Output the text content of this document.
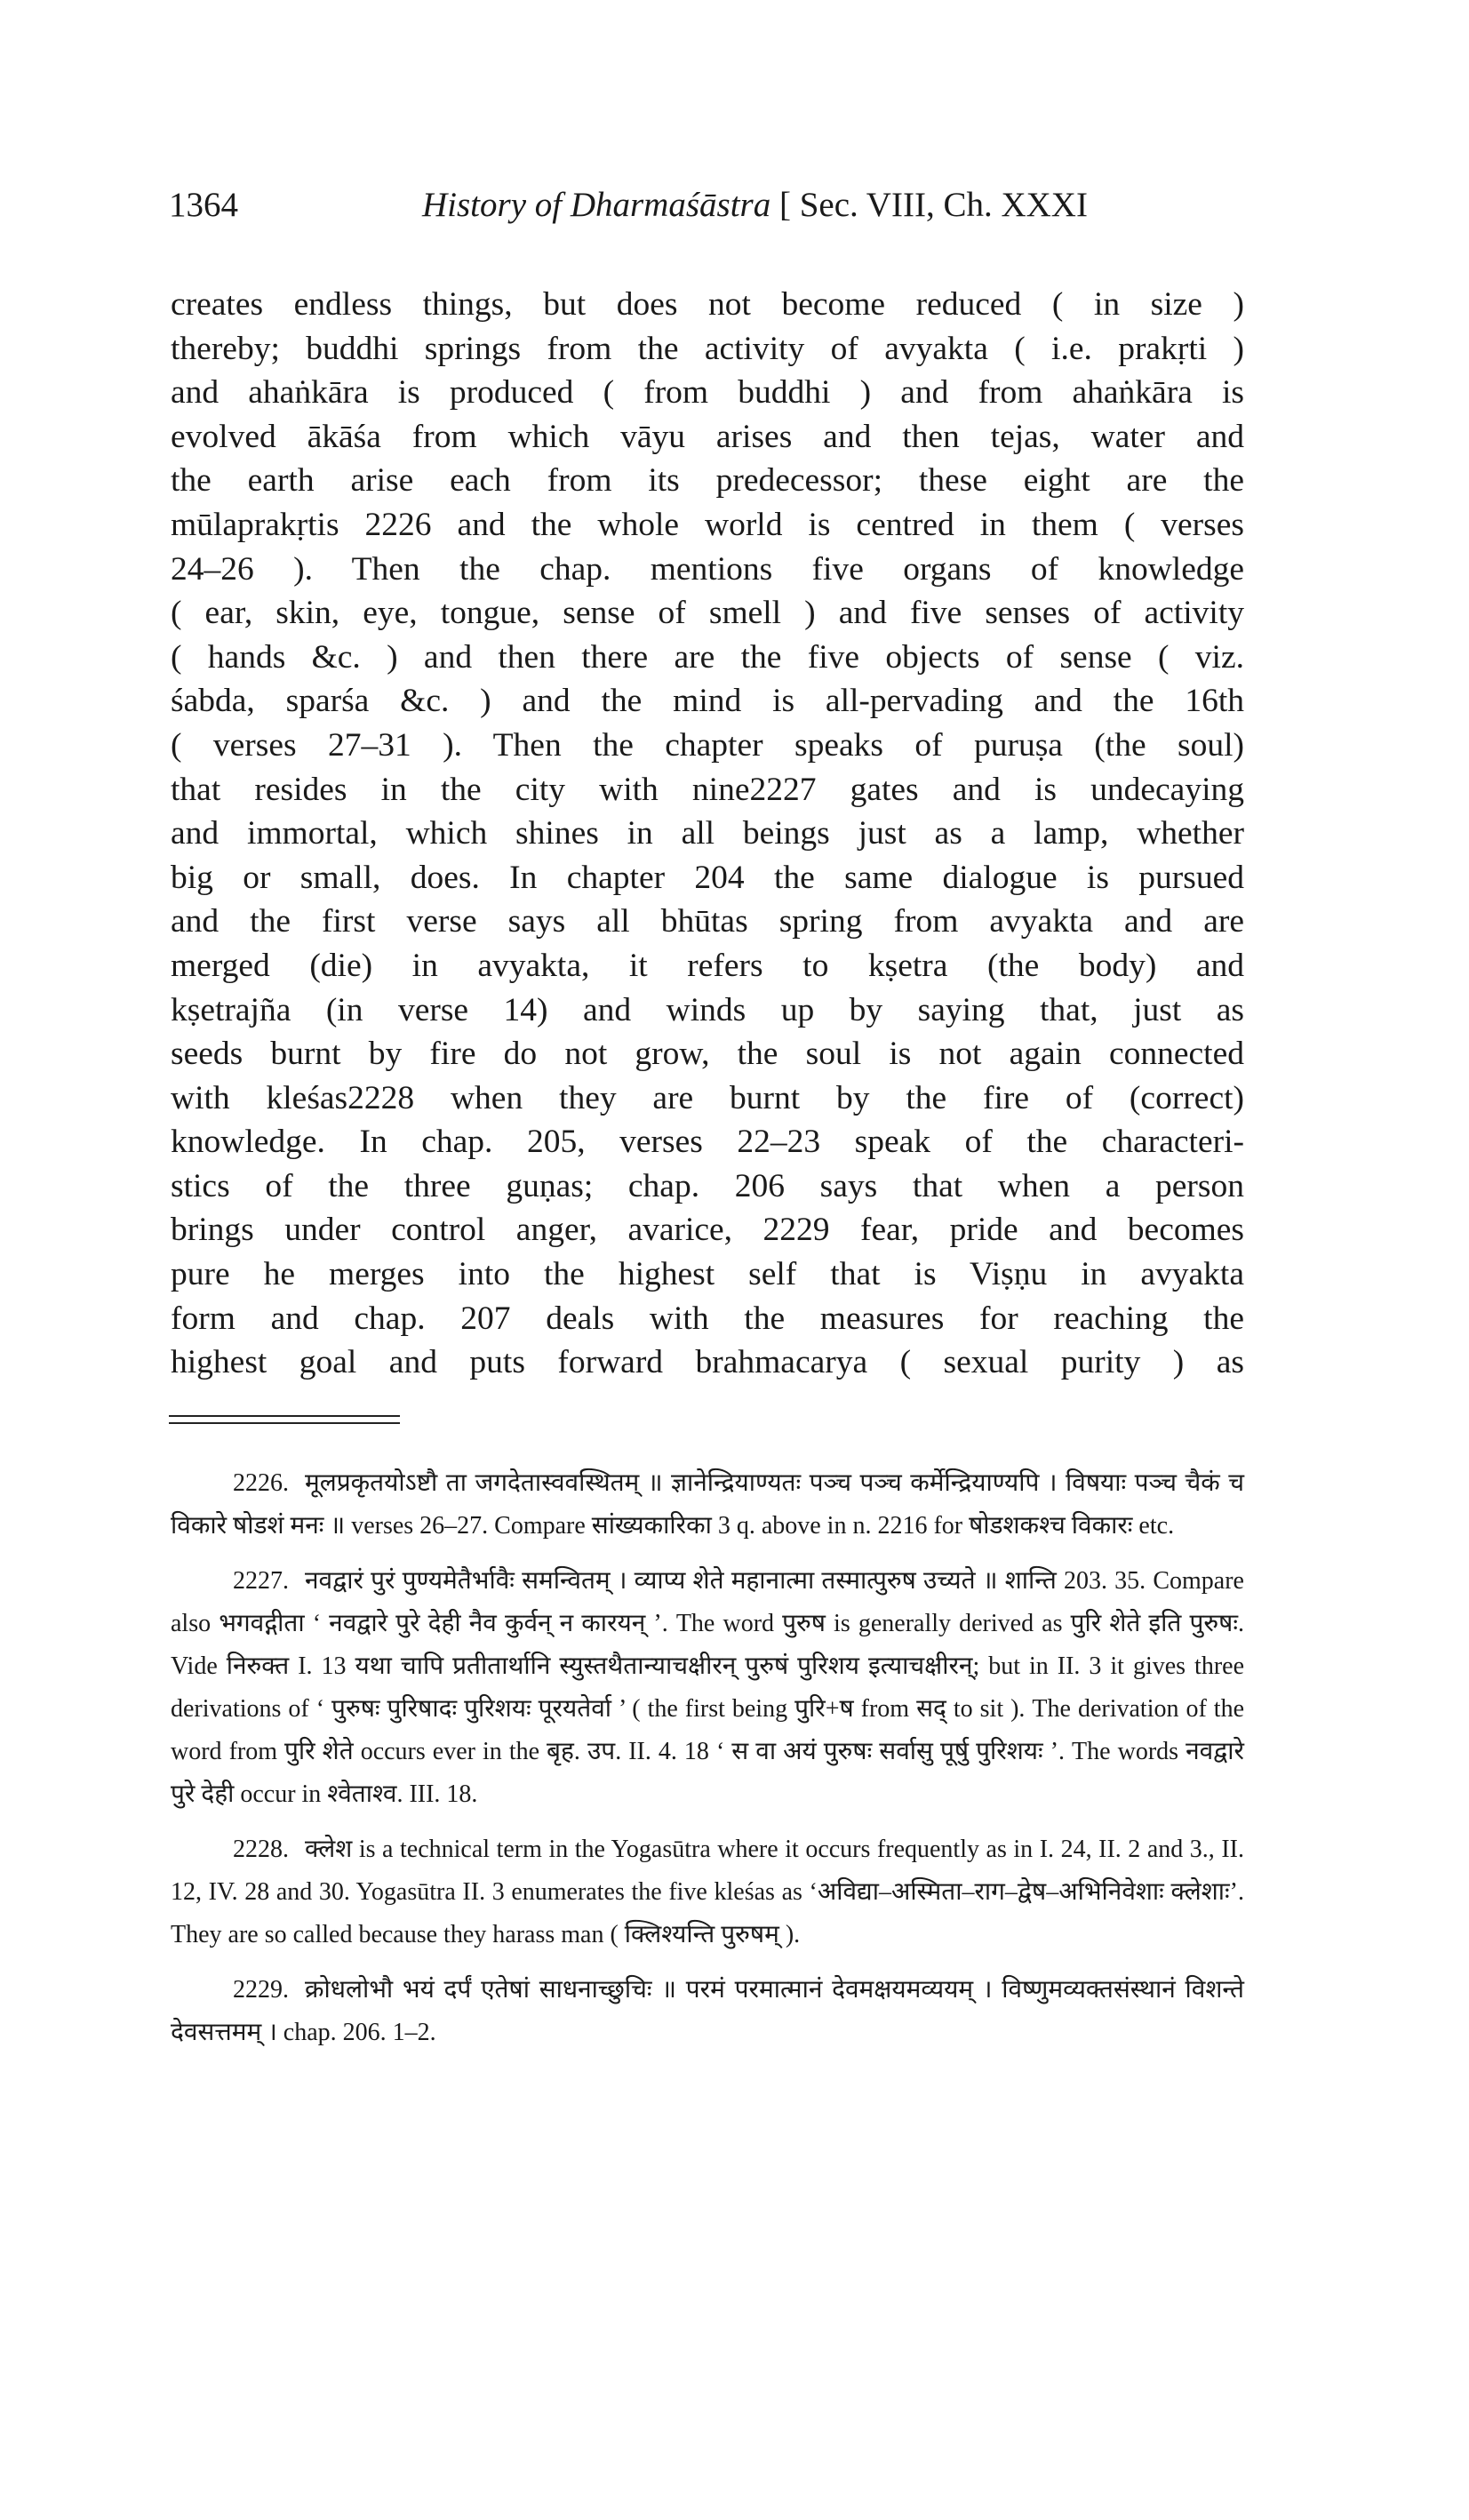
1364	History of Dharmaśāstra [ Sec. VIII, Ch. XXXI
creates endless things, but does not become reduced ( in size )
thereby; buddhi springs from the activity of avyakta ( i.e. prakṛti )
and ahaṅkāra is produced ( from buddhi ) and from ahaṅkāra is
evolved ākāśa from which vāyu arises and then tejas, water and
the earth arise each from its predecessor; these eight are the
mūlaprakṛtis 2226 and the whole world is centred in them ( verses
24–26 ). Then the chap. mentions five organs of knowledge
( ear, skin, eye, tongue, sense of smell ) and five senses of activity
( hands &c. ) and then there are the five objects of sense ( viz.
śabda, sparśa &c. ) and the mind is all-pervading and the 16th
( verses 27–31 ). Then the chapter speaks of puruṣa (the soul)
that resides in the city with nine2227 gates and is undecaying
and immortal, which shines in all beings just as a lamp, whether
big or small, does. In chapter 204 the same dialogue is pursued
and the first verse says all bhūtas spring from avyakta and are
merged (die) in avyakta, it refers to kṣetra (the body) and
kṣetrajña (in verse 14) and winds up by saying that, just as
seeds burnt by fire do not grow, the soul is not again connected
with kleśas2228 when they are burnt by the fire of (correct)
knowledge. In chap. 205, verses 22–23 speak of the characteri-
stics of the three guṇas; chap. 206 says that when a person
brings under control anger, avarice, 2229 fear, pride and becomes
pure he merges into the highest self that is Viṣṇu in avyakta
form and chap. 207 deals with the measures for reaching the
highest goal and puts forward brahmacarya ( sexual purity ) as

2226. मूलप्रकृतयोऽष्टौ ता जगदेतास्ववस्थितम् ॥ ज्ञानेन्द्रियाण्यतः पञ्च पञ्च कर्मेन्द्रियाण्यपि । विषयाः पञ्च चैकं च विकारे षोडशं मनः ॥ verses 26–27. Compare सांख्यकारिका 3 q. above in n. 2216 for षोडशकश्च विकारः etc.

2227. नवद्वारं पुरं पुण्यमेतैर्भावैः समन्वितम् । व्याप्य शेते महानात्मा तस्मात्पुरुष उच्यते ॥ शान्ति 203. 35. Compare also भगवद्गीता ‘ नवद्वारे पुरे देही नैव कुर्वन् न कारयन् ’. The word पुरुष is generally derived as पुरि शेते इति पुरुषः. Vide निरुक्त I. 13 यथा चापि प्रतीतार्थानि स्युस्तथैतान्याचक्षीरन् पुरुषं पुरिशय इत्याचक्षीरन्; but in II. 3 it gives three derivations of ‘ पुरुषः पुरिषादः पुरिशयः पूरयतेर्वा ’ ( the first being पुरि+ष from सद् to sit ). The derivation of the word from पुरि शेते occurs ever in the बृह. उप. II. 4. 18 ‘ स वा अयं पुरुषः सर्वासु पूर्षु पुरिशयः ’. The words नवद्वारे पुरे देही occur in श्वेताश्व. III. 18.

2228. क्लेश is a technical term in the Yogasūtra where it occurs frequently as in I. 24, II. 2 and 3., II. 12, IV. 28 and 30. Yogasūtra II. 3 enumerates the five kleśas as ‘अविद्या–अस्मिता–राग–द्वेष–अभिनिवेशाः क्लेशाः’. They are so called because they harass man ( क्लिश्यन्ति पुरुषम् ).

2229. क्रोधलोभौ भयं दर्पं एतेषां साधनाच्छुचिः ॥ परमं परमात्मानं देवमक्षयमव्ययम् । विष्णुमव्यक्तसंस्थानं विशन्ते देवसत्तमम् । chap. 206. 1–2.
